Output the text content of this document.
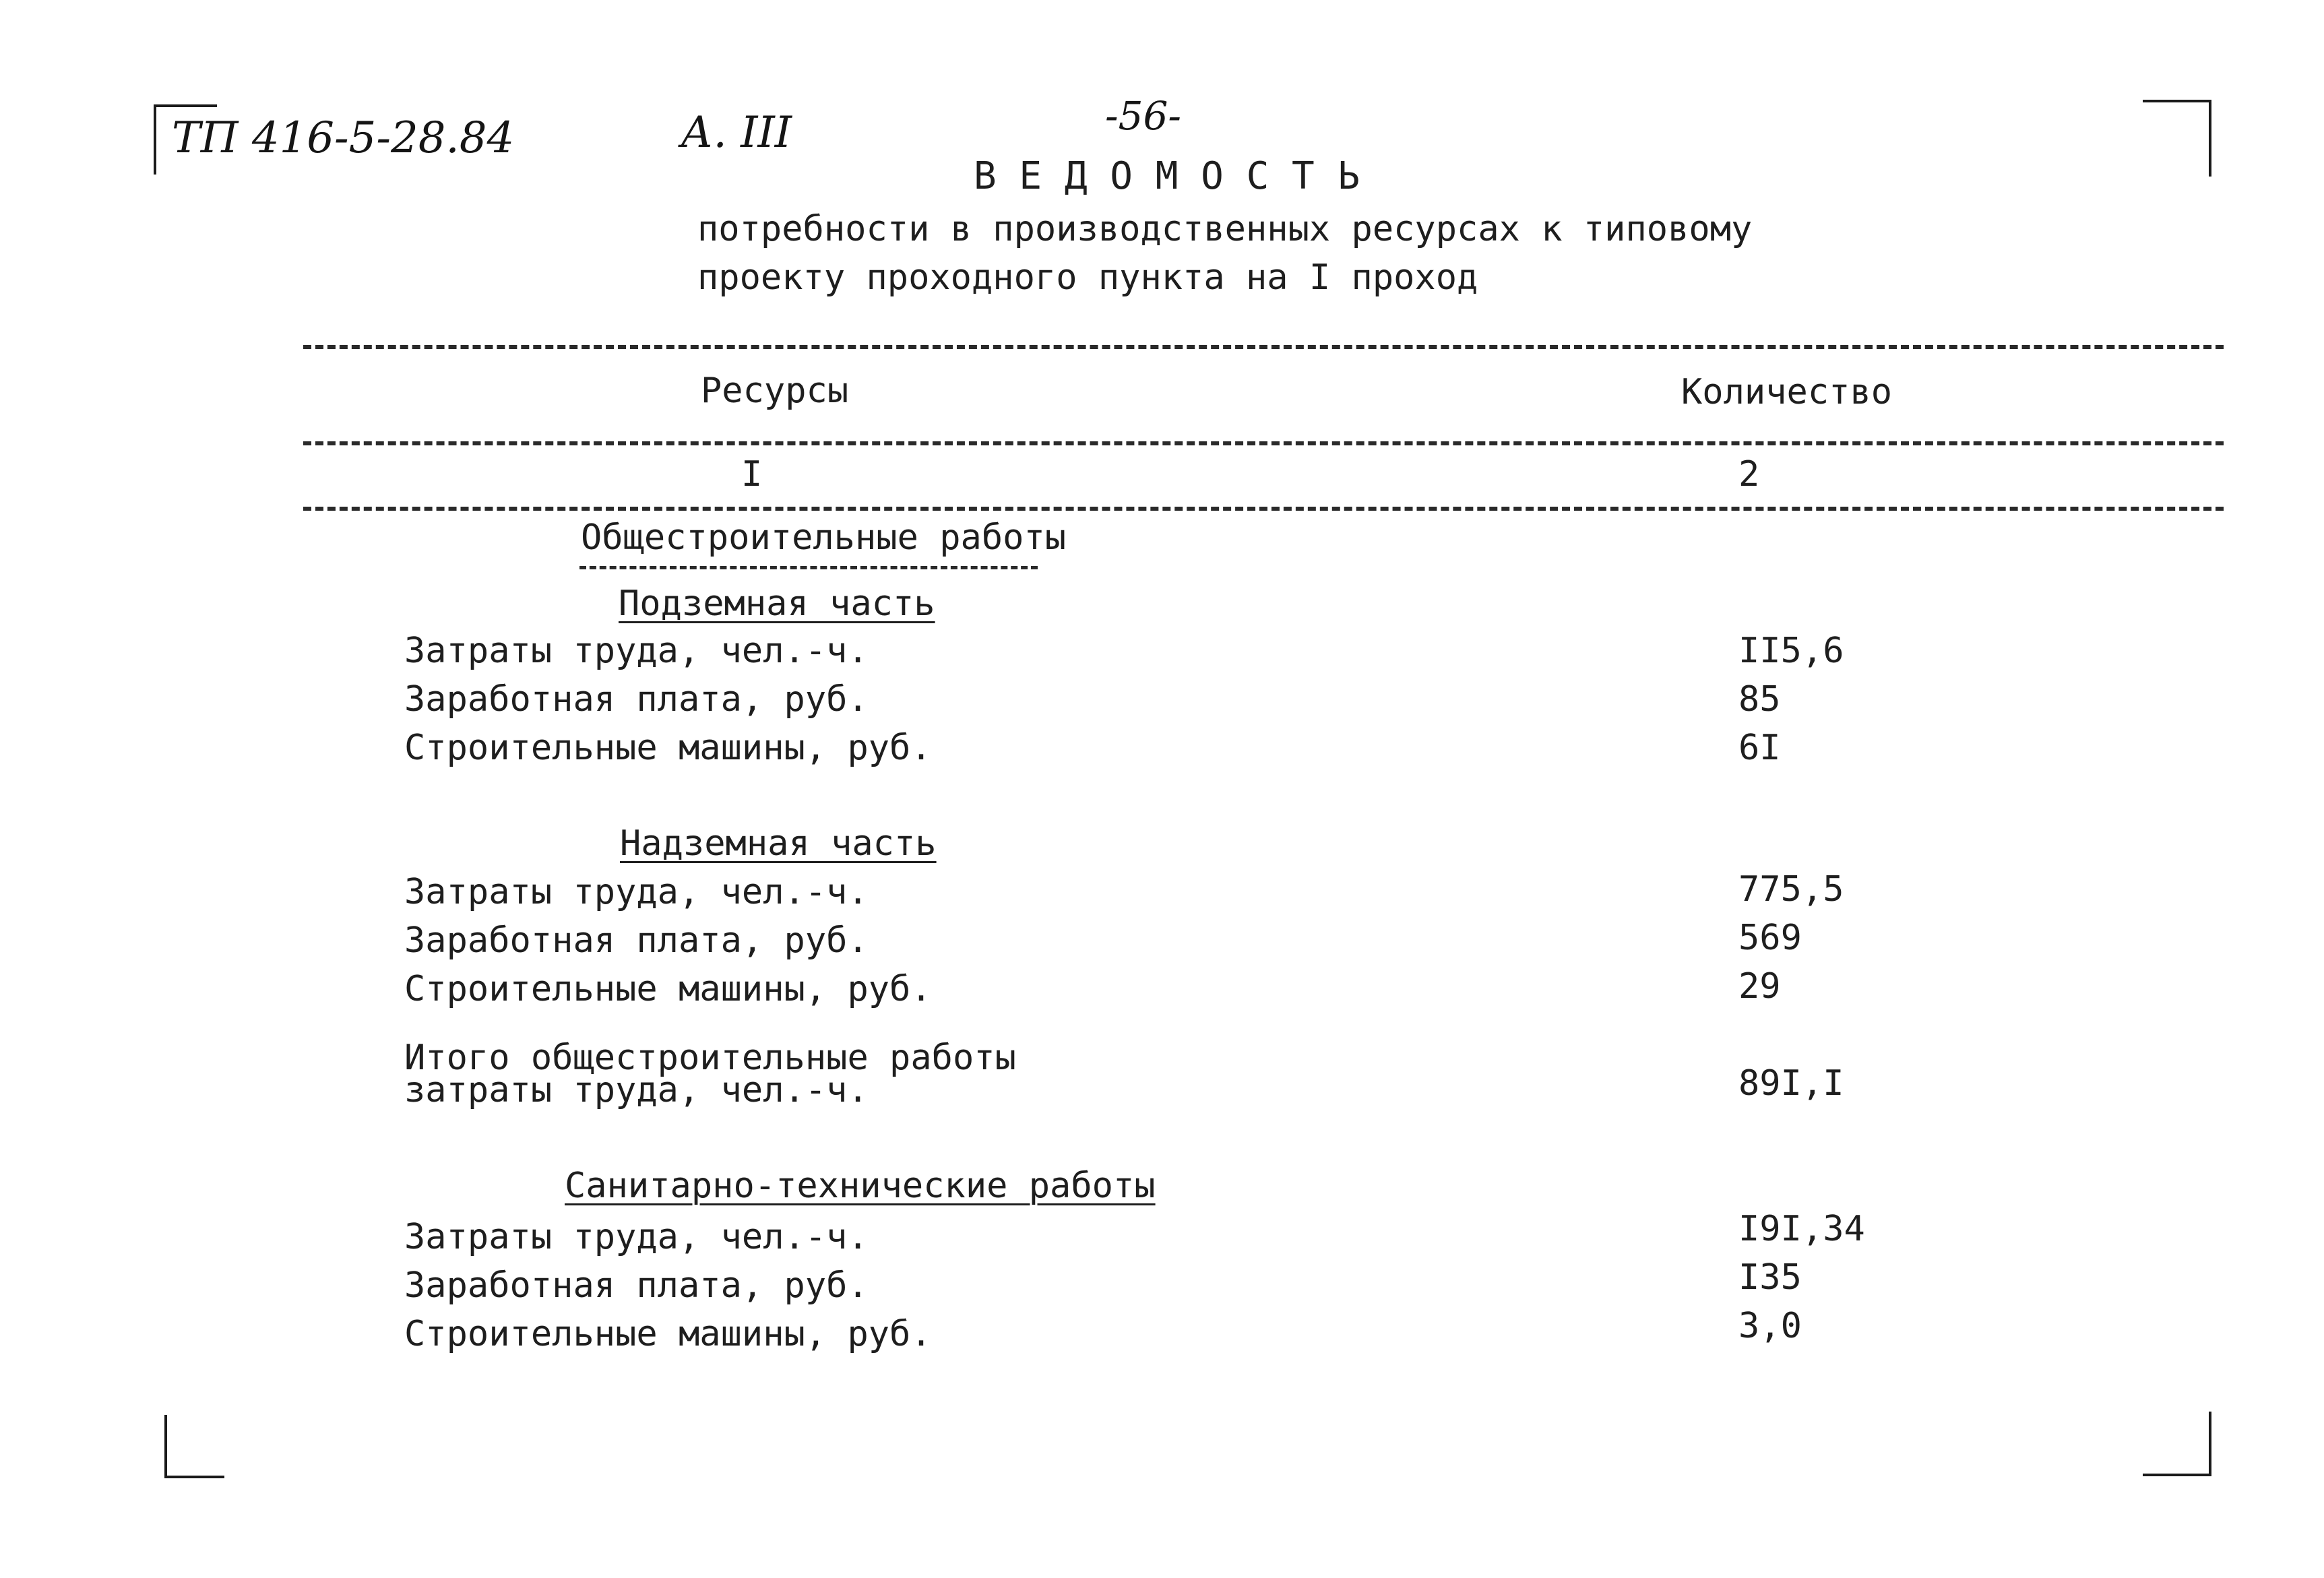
ТП 416-5-28.84	А. III	-56-
В Е Д О М О С Т Ь
потребности в производственных ресурсах к типовому
проекту проходного пункта на I проход
Ресурсы	Количество
I	2
Общестроительные работы
Подземная часть
Затраты труда, чел.-ч.	II5,6
Заработная плата, руб.	85
Строительные машины, руб.	6I
Надземная часть
Затраты труда, чел.-ч.	775,5
Заработная плата, руб.	569
Строительные машины, руб.	29
Итого общестроительные работы
затраты труда, чел.-ч.	89I,I
Санитарно-технические работы
Затраты труда, чел.-ч.	I9I,34
Заработная плата, руб.	I35
Строительные машины, руб.	3,0
